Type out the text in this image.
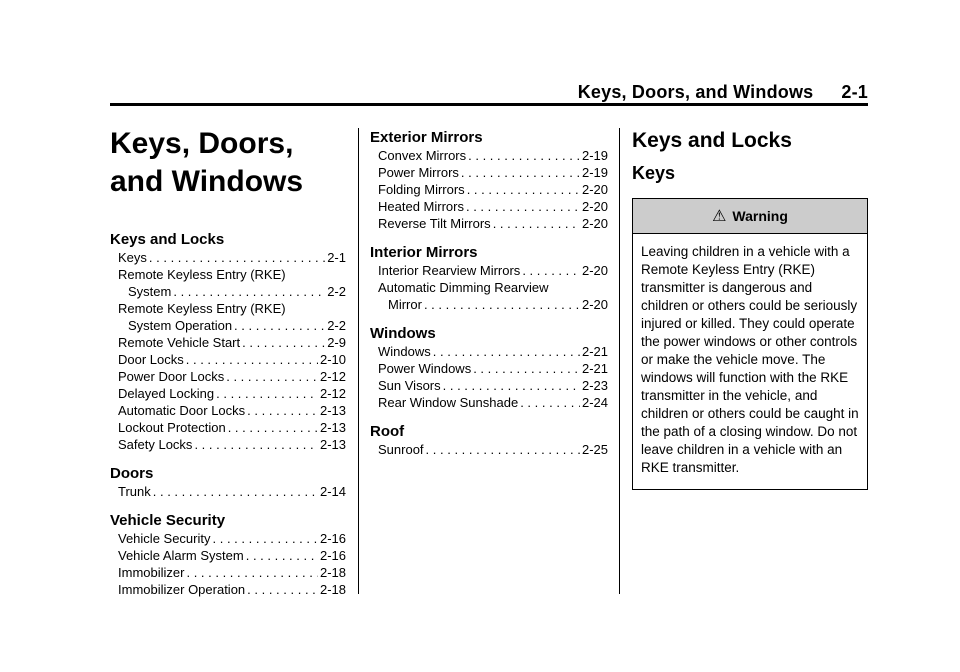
Keys, Doors, and Windows 2-1
Keys, Doors, and Windows
Keys and Locks
Keys . . .	2-1
Remote Keyless Entry (RKE)
System . . .	2-2
Remote Keyless Entry (RKE)
System Operation . . .	2-2
Remote Vehicle Start . . .	2-9
Door Locks . . .	2-10
Power Door Locks . . .	2-12
Delayed Locking . . .	2-12
Automatic Door Locks . . .	2-13
Lockout Protection . . .	2-13
Safety Locks . . .	2-13
Doors
Trunk . . .	2-14
Vehicle Security
Vehicle Security . . .	2-16
Vehicle Alarm System . . .	2-16
Immobilizer . . .	2-18
Immobilizer Operation . . .	2-18
Exterior Mirrors
Convex Mirrors . . .	2-19
Power Mirrors . . .	2-19
Folding Mirrors . . .	2-20
Heated Mirrors . . .	2-20
Reverse Tilt Mirrors . . .	2-20
Interior Mirrors
Interior Rearview Mirrors . . .	2-20
Automatic Dimming Rearview
Mirror . . .	2-20
Windows
Windows . . .	2-21
Power Windows . . .	2-21
Sun Visors . . .	2-23
Rear Window Sunshade . . .	2-24
Roof
Sunroof . . .	2-25
Keys and Locks
Keys
⚠ Warning
Leaving children in a vehicle with a Remote Keyless Entry (RKE) transmitter is dangerous and children or others could be seriously injured or killed. They could operate the power windows or other controls or make the vehicle move. The windows will function with the RKE transmitter in the vehicle, and children or others could be caught in the path of a closing window. Do not leave children in a vehicle with an RKE transmitter.
